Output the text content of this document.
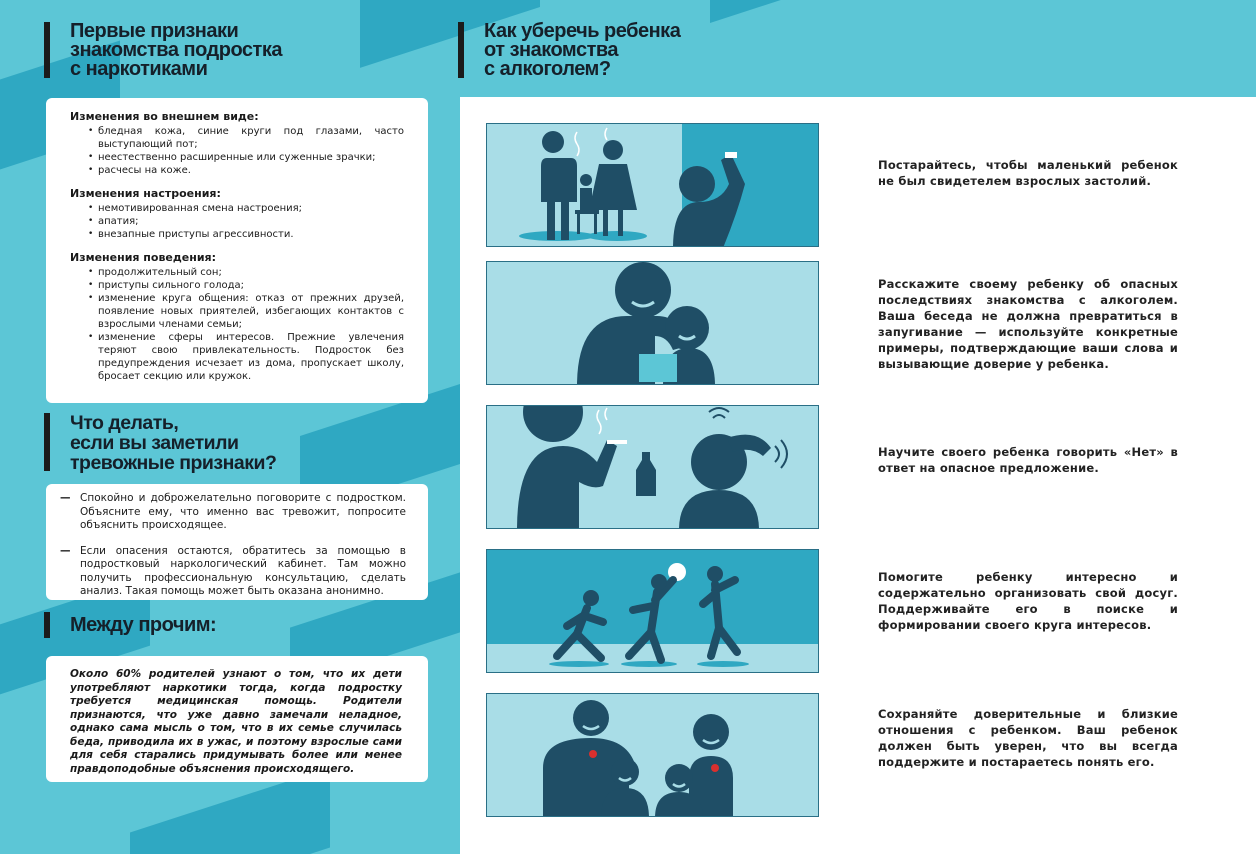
Первые признаки
знакомства подростка
с наркотиками
Изменения во внешнем виде:
• бледная кожа, синие круги под глазами, часто выступающий пот;
• неестественно расширенные или суженные зрачки;
• расчесы на коже.
Изменения настроения:
• немотивированная смена настроения;
• апатия;
• внезапные приступы агрессивности.
Изменения поведения:
• продолжительный сон;
• приступы сильного голода;
• изменение круга общения: отказ от прежних друзей, появление новых приятелей, избегающих контактов с взрослыми членами семьи;
• изменение сферы интересов. Прежние увлечения теряют свою привлекательность. Подросток без предупреждения исчезает из дома, пропускает школу, бросает секцию или кружок.
Что делать,
если вы заметили
тревожные признаки?
— Спокойно и доброжелательно поговорите с подростком. Объясните ему, что именно вас тревожит, попросите объяснить происходящее.
— Если опасения остаются, обратитесь за помощью в подростковый наркологический кабинет. Там можно получить профессиональную консультацию, сделать анализ. Такая помощь может быть оказана анонимно.
Между прочим:
Около 60% родителей узнают о том, что их дети употребляют наркотики тогда, когда подростку требуется медицинская помощь. Родители признаются, что уже давно замечали неладное, однако сама мысль о том, что в их семье случилась беда, приводила их в ужас, и поэтому взрослые сами для себя старались придумывать более или менее правдоподобные объяснения происходящего.
Как уберечь ребенка
от знакомства
с алкоголем?
Постарайтесь, чтобы маленький ребенок не был свидетелем взрослых застолий.
Расскажите своему ребенку об опасных последствиях знакомства с алкоголем. Ваша беседа не должна превратиться в запугивание — используйте конкретные примеры, подтверждающие ваши слова и вызывающие доверие у ребенка.
Научите своего ребенка говорить «Нет» в ответ на опасное предложение.
Помогите ребенку интересно и содержательно организовать свой досуг. Поддерживайте его в поиске и формировании своего круга интересов.
Сохраняйте доверительные и близкие отношения с ребенком. Ваш ребенок должен быть уверен, что вы всегда поддержите и постараетесь понять его.
